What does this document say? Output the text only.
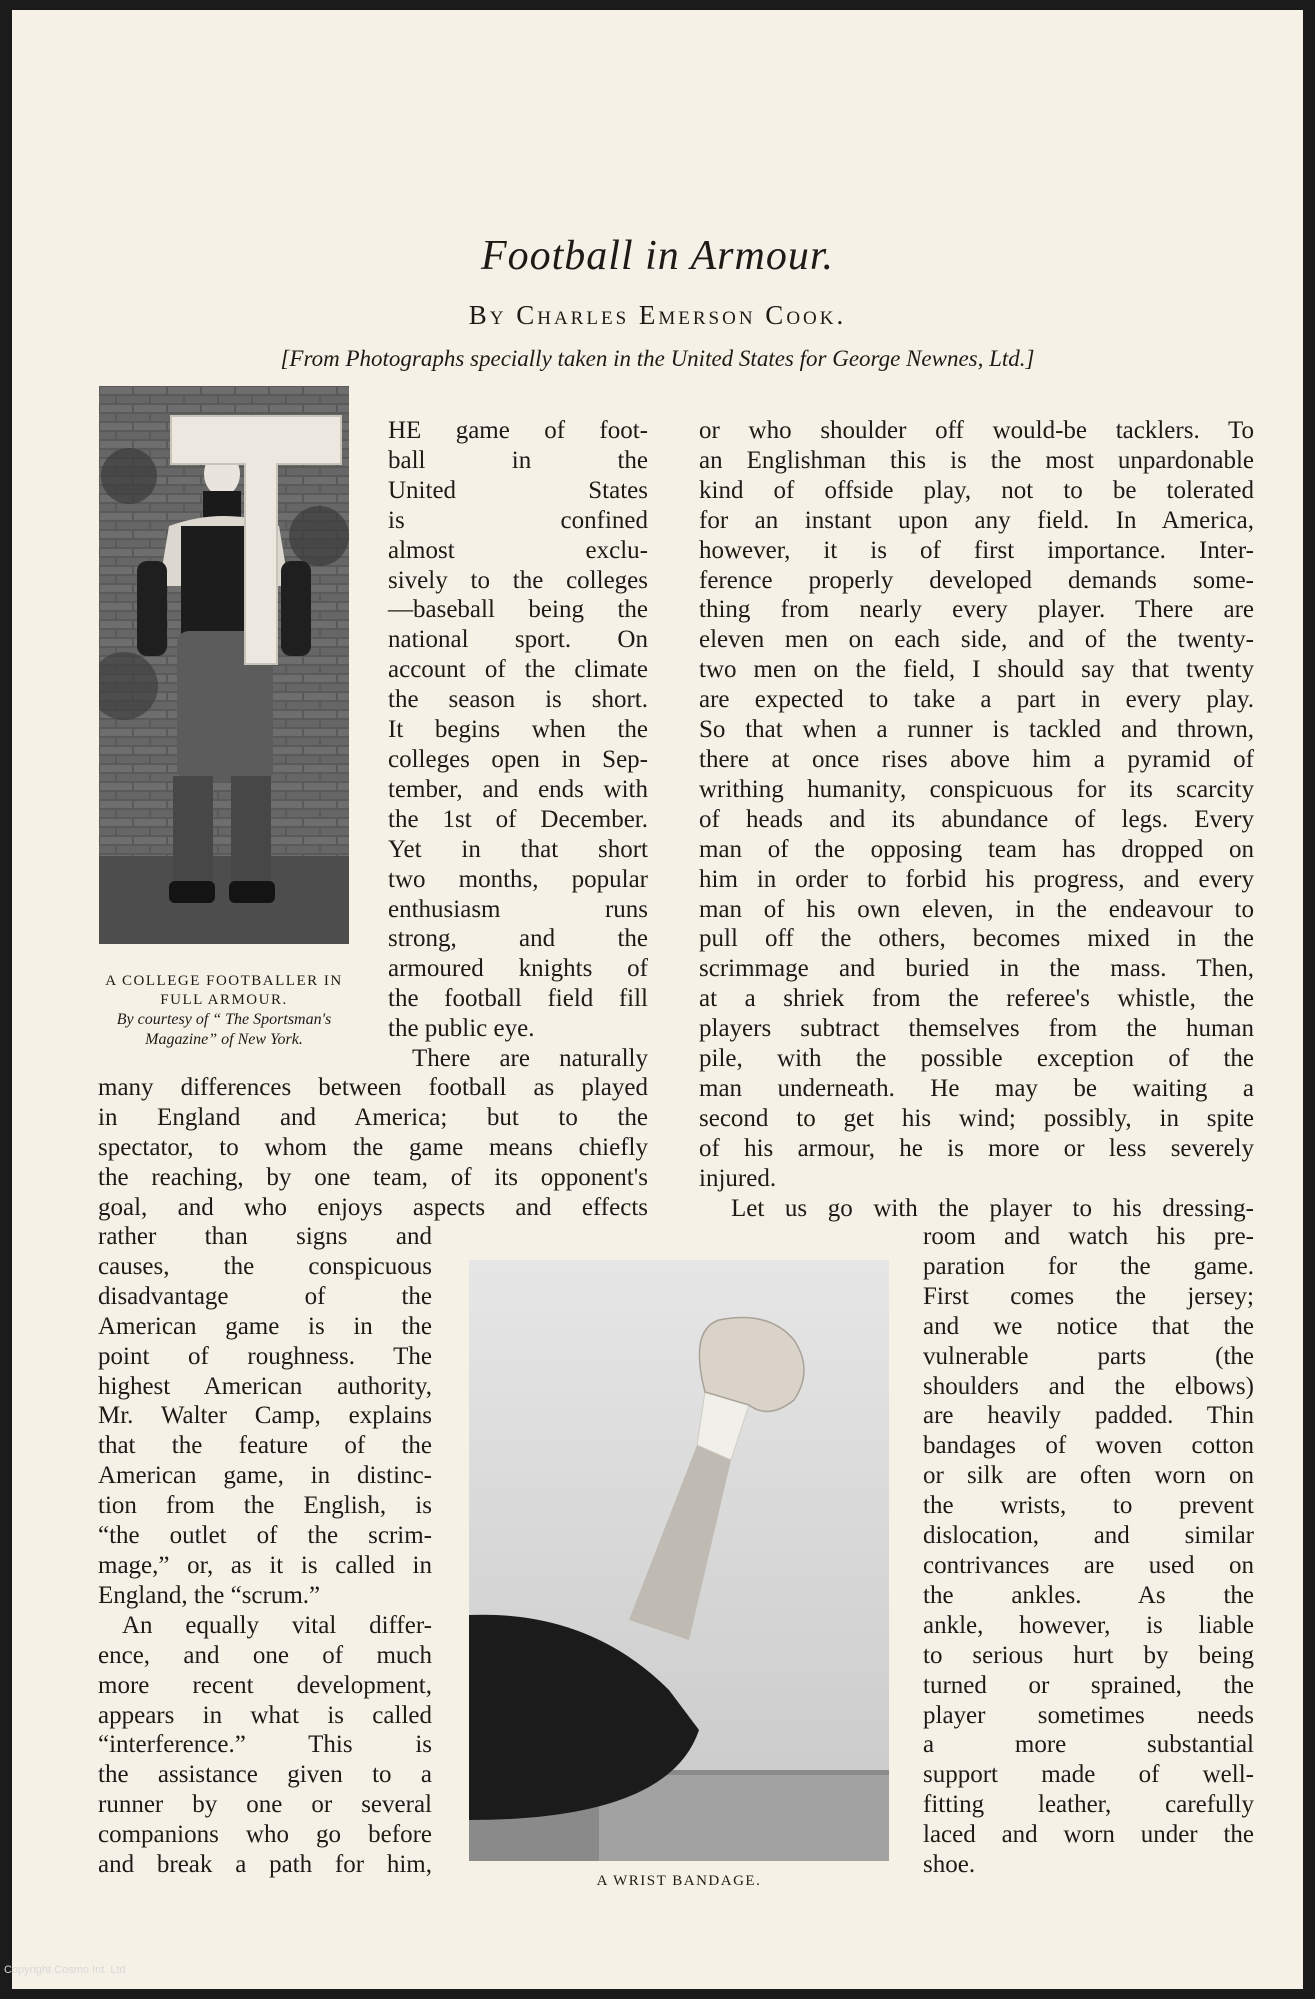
Football in Armour.
By Charles Emerson Cook.
[From Photographs specially taken in the United States for George Newnes, Ltd.]
A COLLEGE FOOTBALLER IN
FULL ARMOUR.
By courtesy of “ The Sportsman's
Magazine” of New York.

HE game of foot-

ball in the

United States

is confined

almost exclu-

sively to the colleges

—baseball being the

national sport. On

account of the climate

the season is short.

It begins when the

colleges open in Sep-

tember, and ends with

the 1st of December.

Yet in that short

two months, popular

enthusiasm runs

strong, and the

armoured knights of

the football field fill

the public eye.

There are naturally

many differences between football as played

in England and America; but to the

spectator, to whom the game means chiefly

the reaching, by one team, of its opponent's

goal, and who enjoys aspects and effects

rather than signs and

causes, the conspicuous

disadvantage of the

American game is in the

point of roughness. The

highest American authority,

Mr. Walter Camp, explains

that the feature of the

American game, in distinc-

tion from the English, is

“the outlet of the scrim-

mage,” or, as it is called in

England, the “scrum.”

An equally vital differ-

ence, and one of much

more recent development,

appears in what is called

“interference.” This is

the assistance given to a

runner by one or several

companions who go before

and break a path for him,

or who shoulder off would-be tacklers. To

an Englishman this is the most unpardonable

kind of offside play, not to be tolerated

for an instant upon any field. In America,

however, it is of first importance. Inter-

ference properly developed demands some-

thing from nearly every player. There are

eleven men on each side, and of the twenty-

two men on the field, I should say that twenty

are expected to take a part in every play.

So that when a runner is tackled and thrown,

there at once rises above him a pyramid of

writhing humanity, conspicuous for its scarcity

of heads and its abundance of legs. Every

man of the opposing team has dropped on

him in order to forbid his progress, and every

man of his own eleven, in the endeavour to

pull off the others, becomes mixed in the

scrimmage and buried in the mass. Then,

at a shriek from the referee's whistle, the

players subtract themselves from the human

pile, with the possible exception of the

man underneath. He may be waiting a

second to get his wind; possibly, in spite

of his armour, he is more or less severely

injured.

Let us go with the player to his dressing-

room and watch his pre-

paration for the game.

First comes the jersey;

and we notice that the

vulnerable parts (the

shoulders and the elbows)

are heavily padded. Thin

bandages of woven cotton

or silk are often worn on

the wrists, to prevent

dislocation, and similar

contrivances are used on

the ankles. As the

ankle, however, is liable

to serious hurt by being

turned or sprained, the

player sometimes needs

a more substantial

support made of well-

fitting leather, carefully

laced and worn under the

shoe.

A WRIST BANDAGE.
Copyright Cosmo Int. Ltd
